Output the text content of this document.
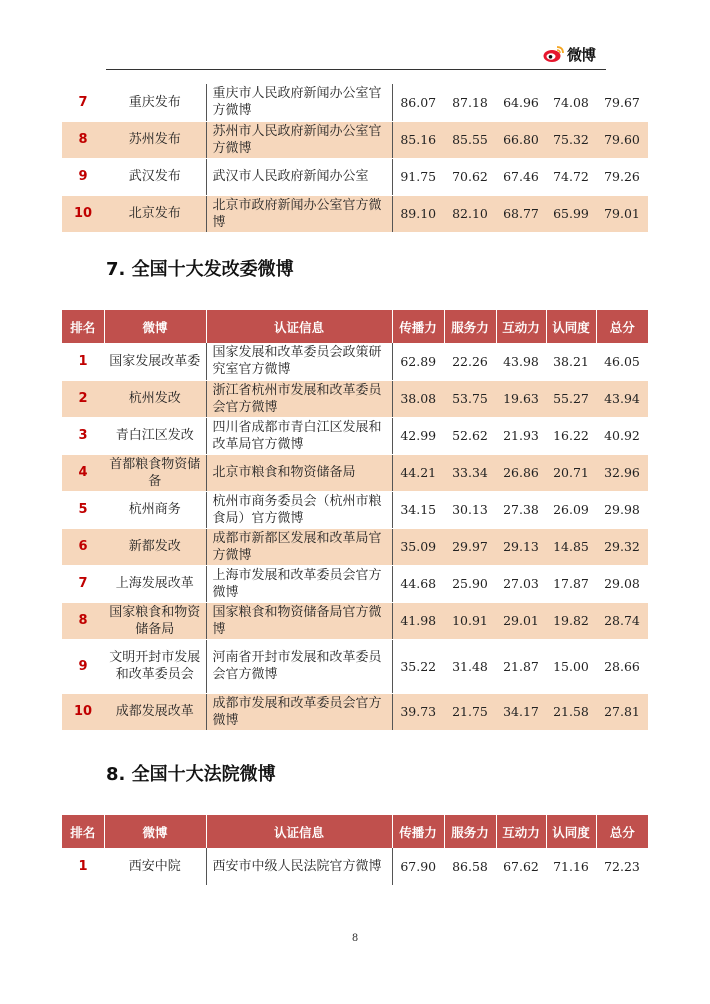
微博
7	重庆发布	重庆市人民政府新闻办公室官方微博	86.07	87.18	64.96	74.08	79.67
8	苏州发布	苏州市人民政府新闻办公室官方微博	85.16	85.55	66.80	75.32	79.60
9	武汉发布	武汉市人民政府新闻办公室	91.75	70.62	67.46	74.72	79.26
10	北京发布	北京市政府新闻办公室官方微博	89.10	82.10	68.77	65.99	79.01
7. 全国十大发改委微博
排名	微博	认证信息	传播力	服务力	互动力	认同度	总分
1	国家发展改革委	国家发展和改革委员会政策研究室官方微博	62.89	22.26	43.98	38.21	46.05
2	杭州发改	浙江省杭州市发展和改革委员会官方微博	38.08	53.75	19.63	55.27	43.94
3	青白江区发改	四川省成都市青白江区发展和改革局官方微博	42.99	52.62	21.93	16.22	40.92
4	首都粮食物资储备	北京市粮食和物资储备局	44.21	33.34	26.86	20.71	32.96
5	杭州商务	杭州市商务委员会（杭州市粮食局）官方微博	34.15	30.13	27.38	26.09	29.98
6	新都发改	成都市新都区发展和改革局官方微博	35.09	29.97	29.13	14.85	29.32
7	上海发展改革	上海市发展和改革委员会官方微博	44.68	25.90	27.03	17.87	29.08
8	国家粮食和物资储备局	国家粮食和物资储备局官方微博	41.98	10.91	29.01	19.82	28.74
9	文明开封市发展和改革委员会	河南省开封市发展和改革委员会官方微博	35.22	31.48	21.87	15.00	28.66
10	成都发展改革	成都市发展和改革委员会官方微博	39.73	21.75	34.17	21.58	27.81
8. 全国十大法院微博
排名	微博	认证信息	传播力	服务力	互动力	认同度	总分
1	西安中院	西安市中级人民法院官方微博	67.90	86.58	67.62	71.16	72.23
8
